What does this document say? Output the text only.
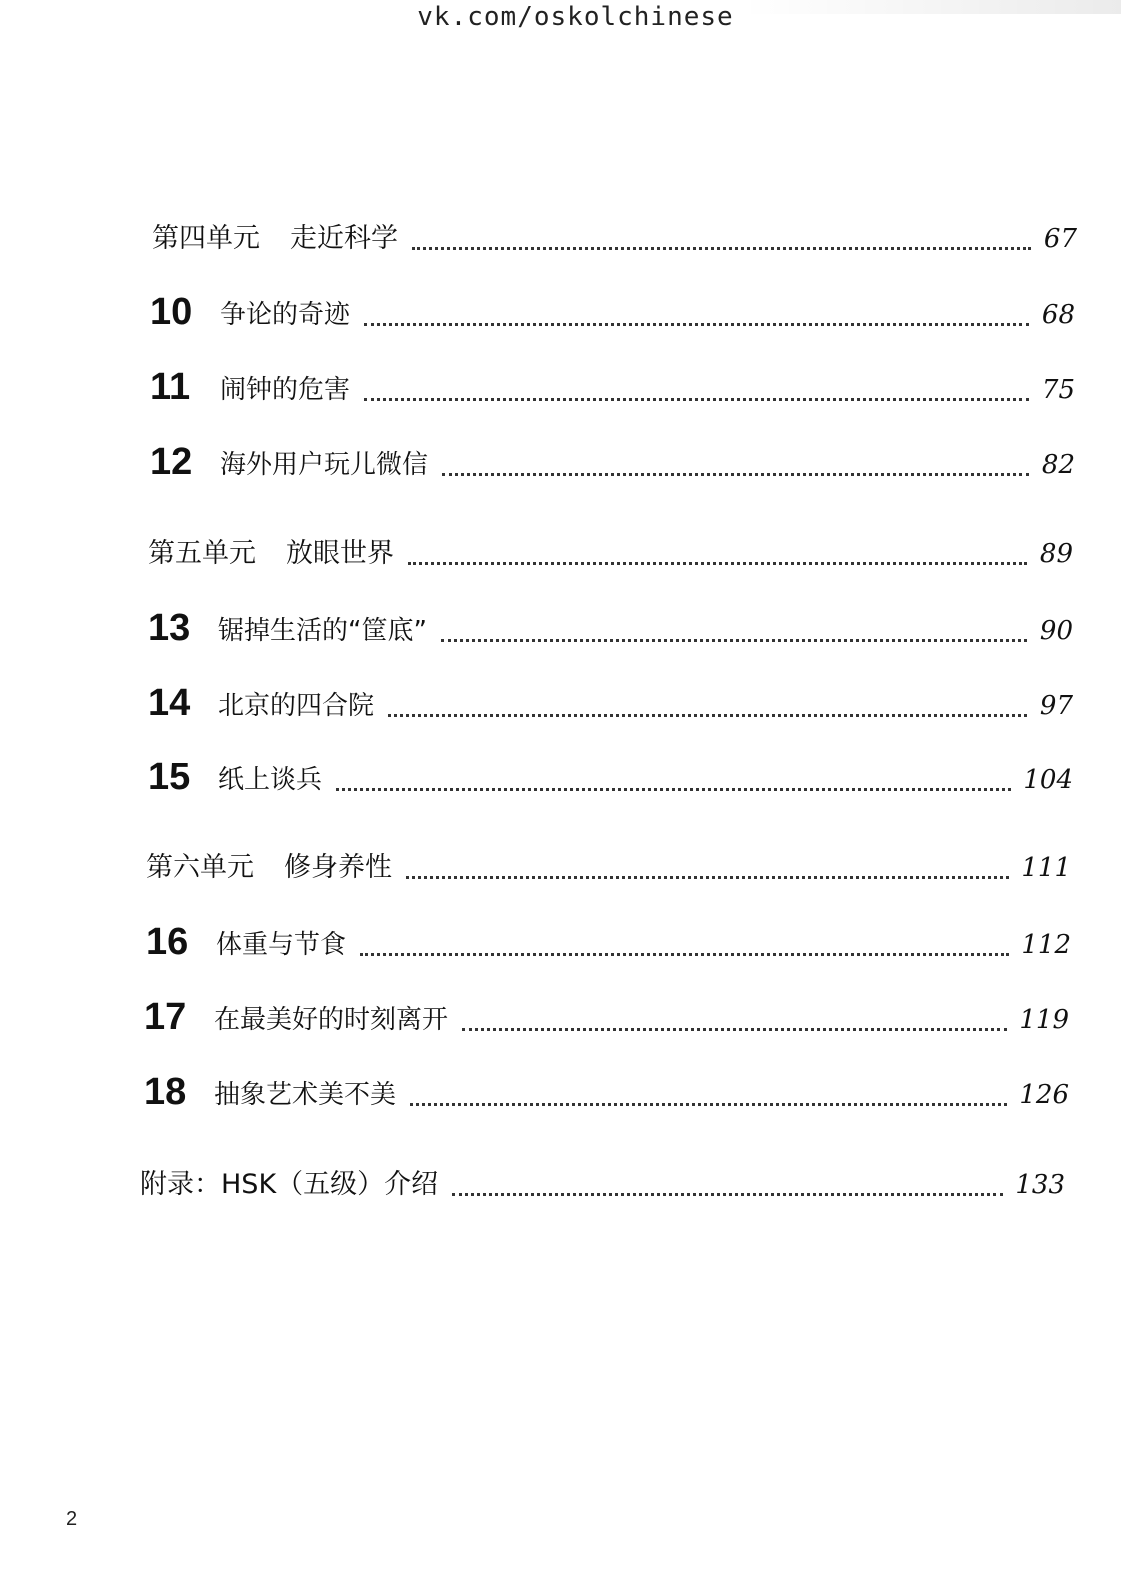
vk.com/oskolchinese
第四单元 走近科学	67
10	争论的奇迹	68
11	闹钟的危害	75
12	海外用户玩儿微信	82
第五单元 放眼世界	89
13	锯掉生活的“筐底”	90
14	北京的四合院	97
15	纸上谈兵	104
第六单元 修身养性	111
16	体重与节食	112
17	在最美好的时刻离开	119
18	抽象艺术美不美	126
附录：HSK（五级）介绍	133
2
